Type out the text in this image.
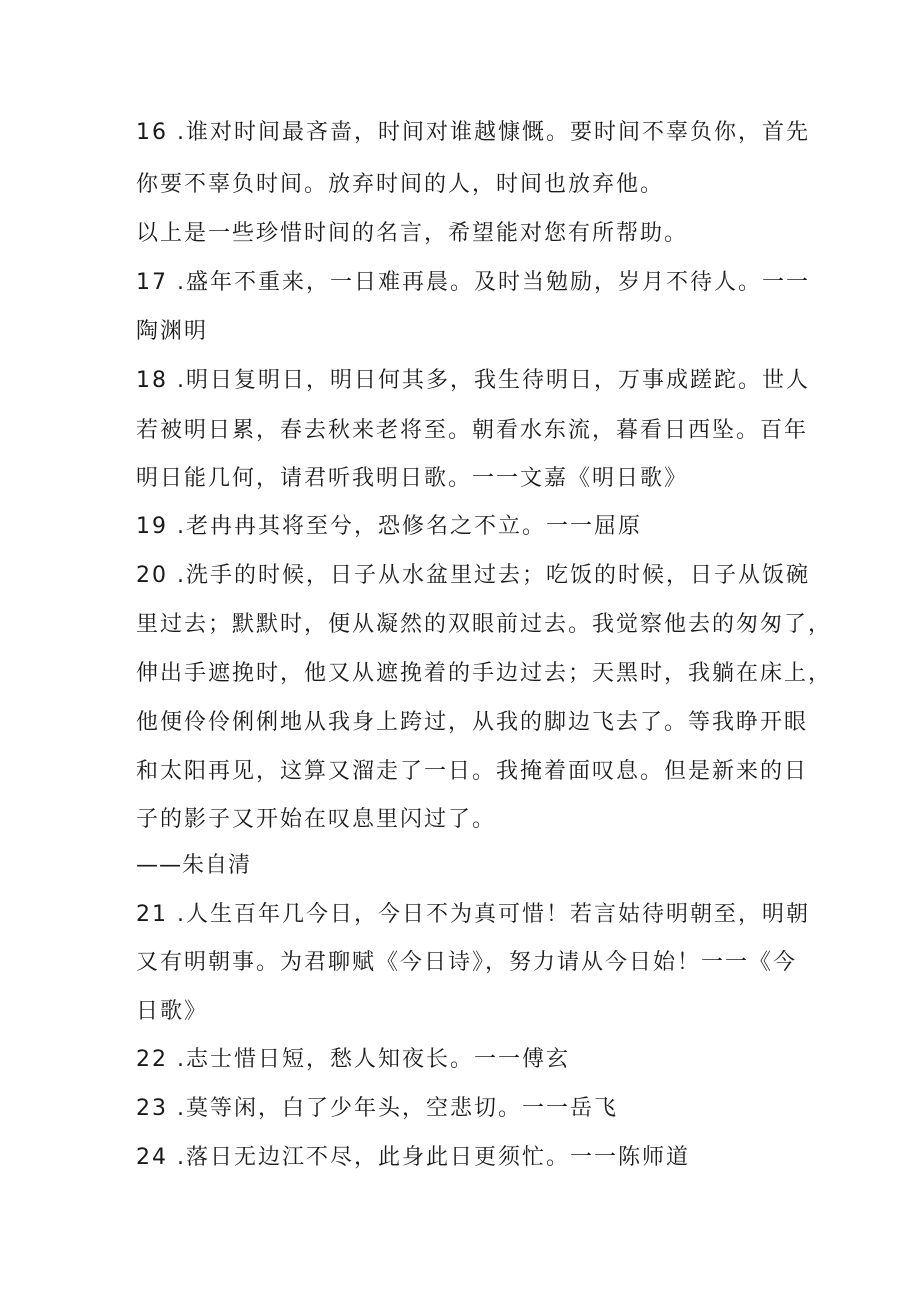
16 .谁对时间最吝啬，时间对谁越慷慨。要时间不辜负你，首先
你要不辜负时间。放弃时间的人，时间也放弃他。
以上是一些珍惜时间的名言，希望能对您有所帮助。
17 .盛年不重来，一日难再晨。及时当勉励，岁月不待人。一一
陶渊明
18 .明日复明日，明日何其多，我生待明日，万事成蹉跎。世人
若被明日累，春去秋来老将至。朝看水东流，暮看日西坠。百年
明日能几何，请君听我明日歌。一一文嘉《明日歌》
19 .老冉冉其将至兮，恐修名之不立。一一屈原
20 .洗手的时候，日子从水盆里过去；吃饭的时候，日子从饭碗
里过去；默默时，便从凝然的双眼前过去。我觉察他去的匆匆了，
伸出手遮挽时，他又从遮挽着的手边过去；天黑时，我躺在床上，
他便伶伶俐俐地从我身上跨过，从我的脚边飞去了。等我睁开眼
和太阳再见，这算又溜走了一日。我掩着面叹息。但是新来的日
子的影子又开始在叹息里闪过了。
——朱自清
21 .人生百年几今日，今日不为真可惜！若言姑待明朝至，明朝
又有明朝事。为君聊赋《今日诗》，努力请从今日始！一一《今
日歌》
22 .志士惜日短，愁人知夜长。一一傅玄
23 .莫等闲，白了少年头，空悲切。一一岳飞
24 .落日无边江不尽，此身此日更须忙。一一陈师道
